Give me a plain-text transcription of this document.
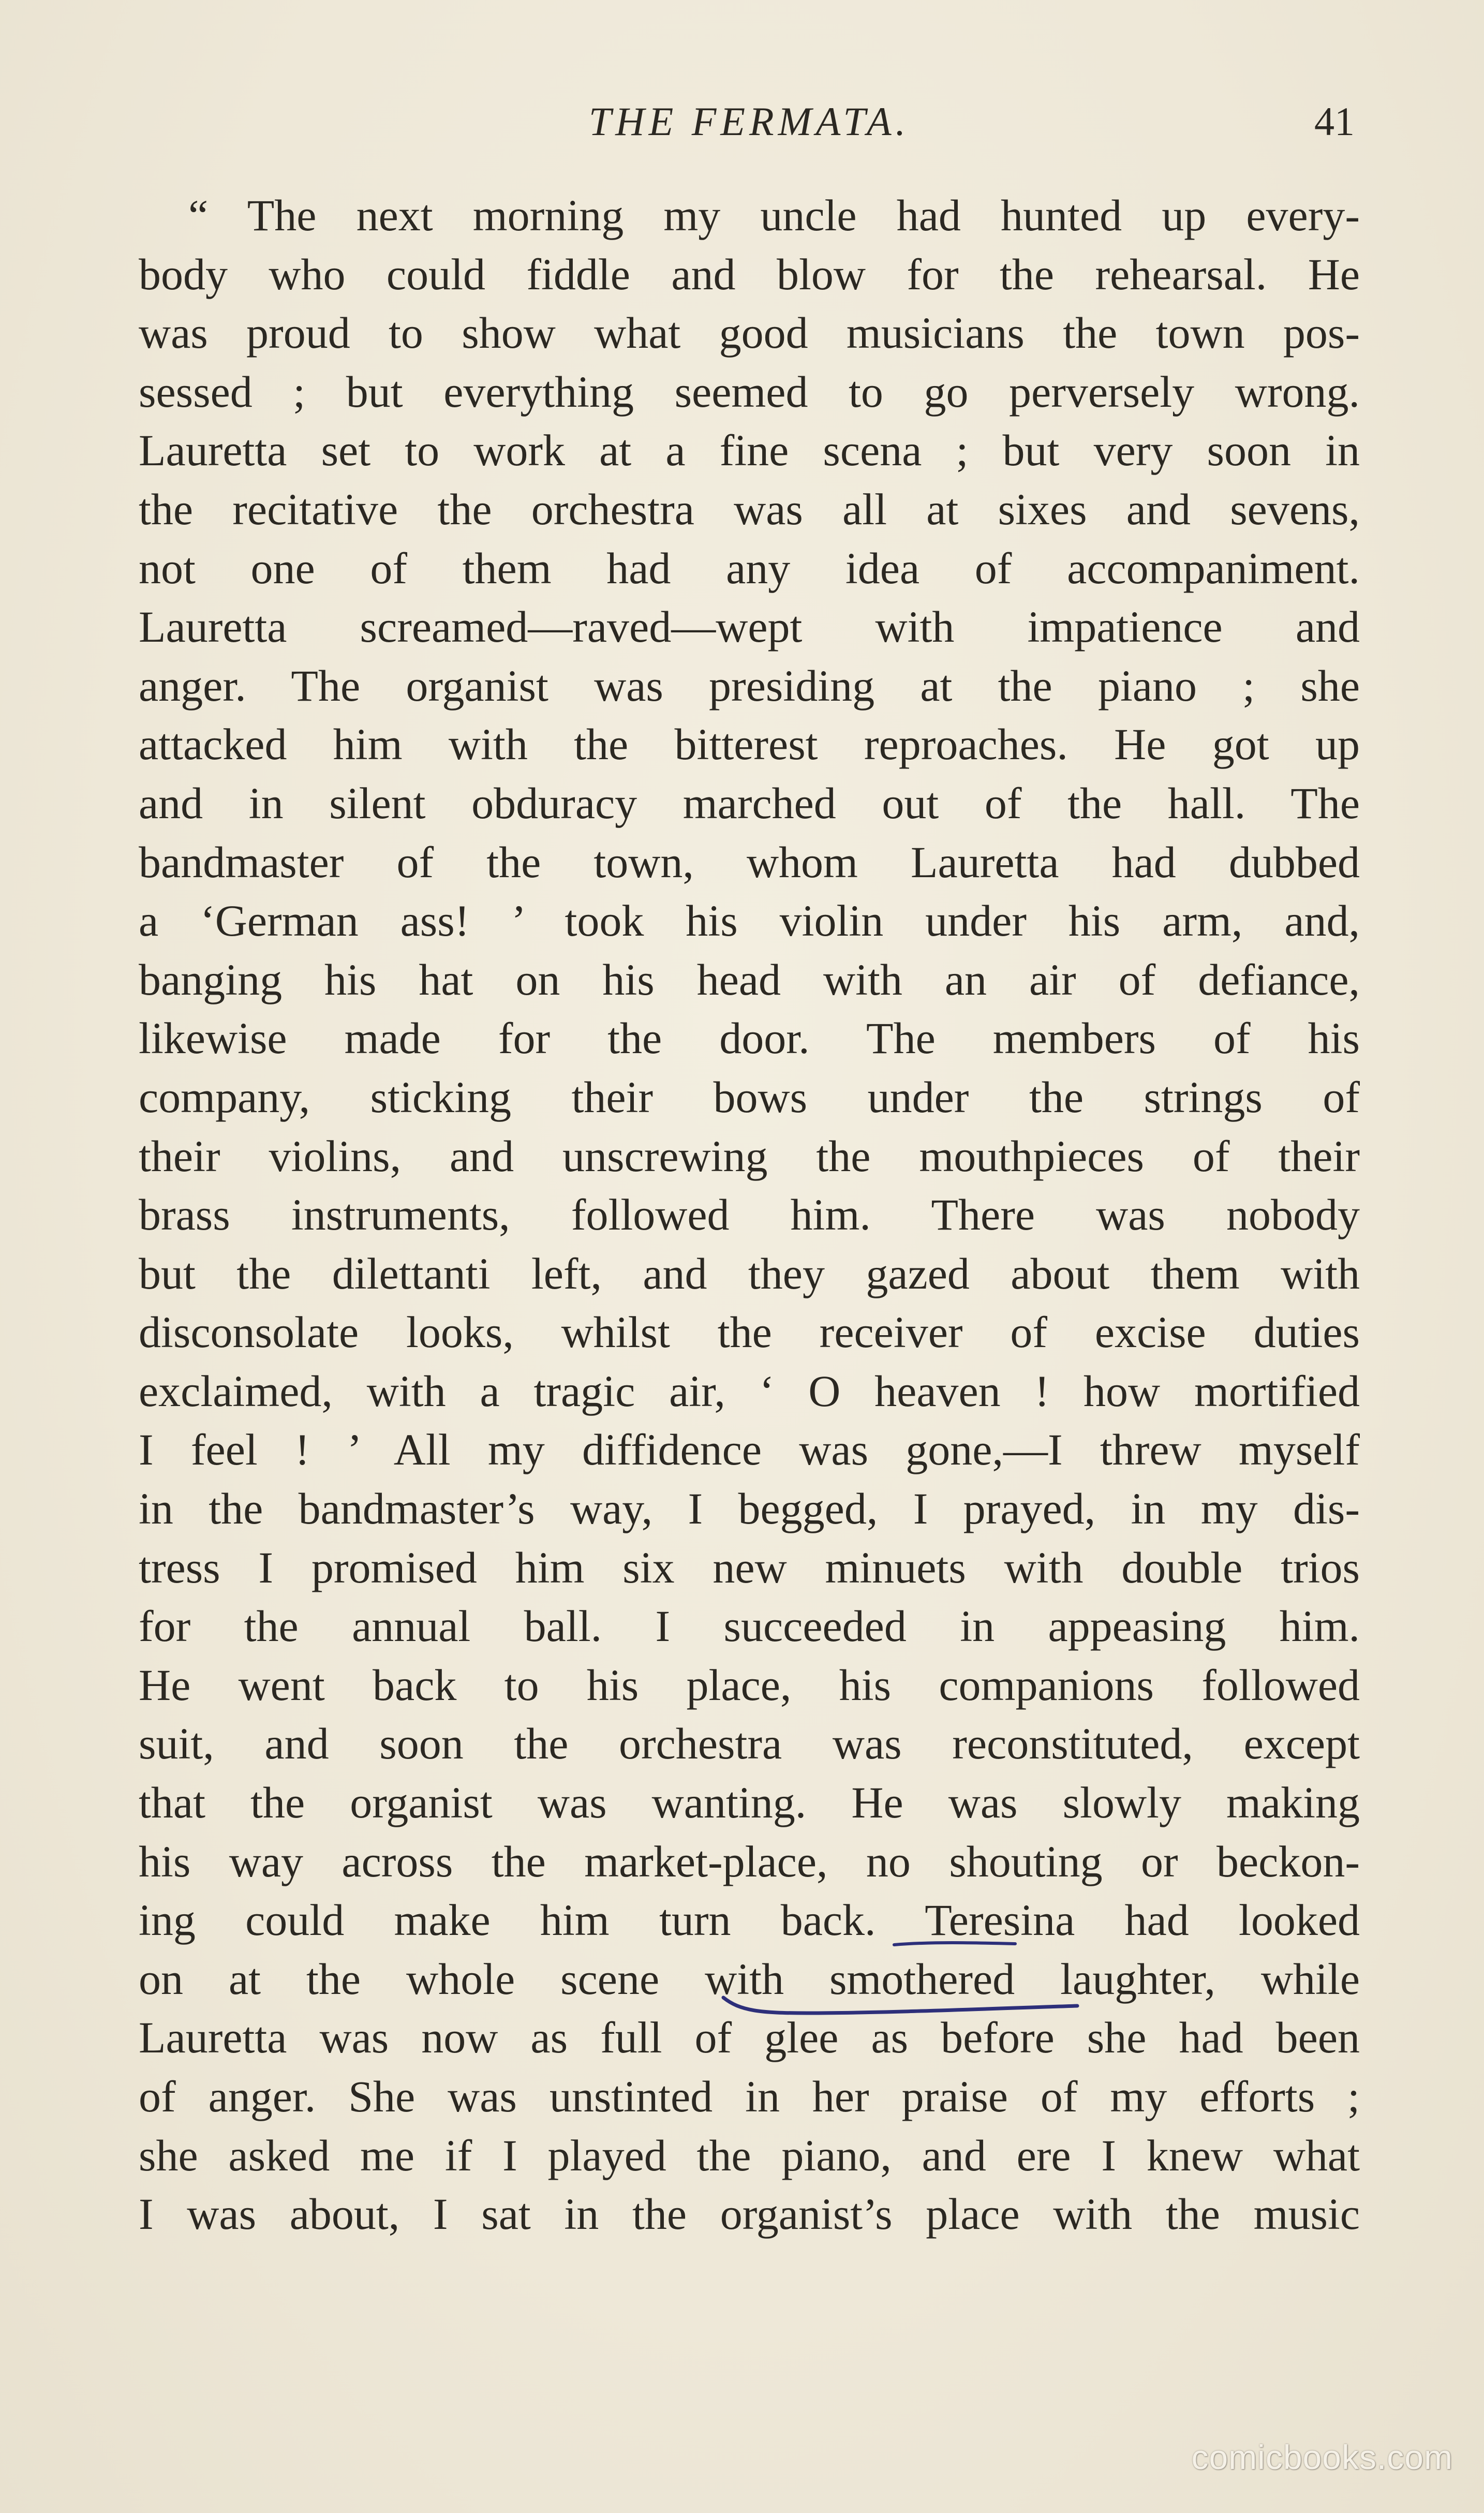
THE FERMATA.	41
“ The next morning my uncle had hunted up every-
body who could fiddle and blow for the rehearsal. He
was proud to show what good musicians the town pos-
sessed ; but everything seemed to go perversely wrong.
Lauretta set to work at a fine scena ; but very soon in
the recitative the orchestra was all at sixes and sevens,
not one of them had any idea of accompaniment.
Lauretta screamed—raved—wept with impatience and
anger. The organist was presiding at the piano ; she
attacked him with the bitterest reproaches. He got up
and in silent obduracy marched out of the hall. The
bandmaster of the town, whom Lauretta had dubbed
a ‘German ass! ’ took his violin under his arm, and,
banging his hat on his head with an air of defiance,
likewise made for the door. The members of his
company, sticking their bows under the strings of
their violins, and unscrewing the mouthpieces of their
brass instruments, followed him. There was nobody
but the dilettanti left, and they gazed about them with
disconsolate looks, whilst the receiver of excise duties
exclaimed, with a tragic air, ‘ O heaven ! how mortified
I feel ! ’ All my diffidence was gone,—I threw myself
in the bandmaster’s way, I begged, I prayed, in my dis-
tress I promised him six new minuets with double trios
for the annual ball. I succeeded in appeasing him.
He went back to his place, his companions followed
suit, and soon the orchestra was reconstituted, except
that the organist was wanting. He was slowly making
his way across the market-place, no shouting or beckon-
ing could make him turn back. Teresina had looked
on at the whole scene with smothered laughter, while
Lauretta was now as full of glee as before she had been
of anger. She was unstinted in her praise of my efforts ;
she asked me if I played the piano, and ere I knew what
I was about, I sat in the organist’s place with the music
comicbooks.com
